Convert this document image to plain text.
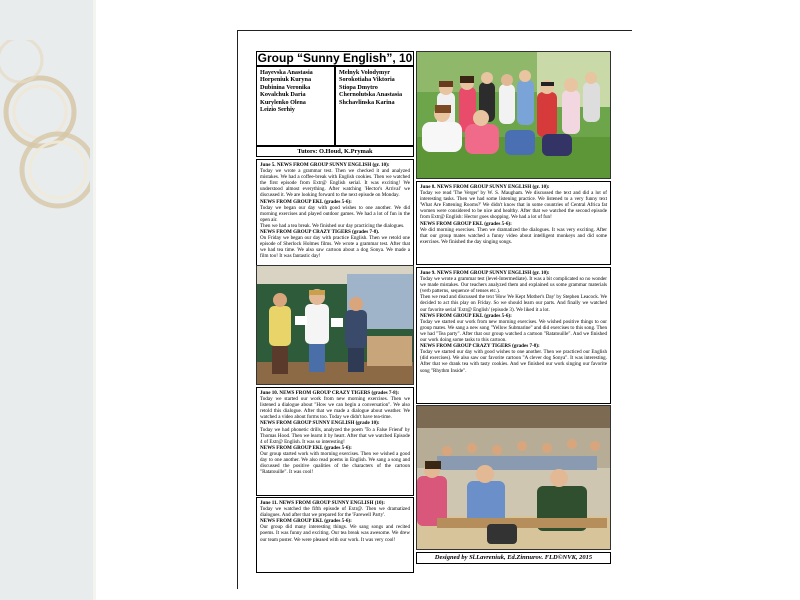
Group “Sunny English”, 10
Hayevska Anastasia
Horpeniuk Kuryna
Dubinina Veronika
Kovalchuk Daria
Kurylenko Olena
Leizio Serhiy
Melnyk Volodymyr
Sorokotiaha Viktoria
Stiopa Dmytro
Chernolutska Anastasia
Shchavlinska Karina
Tutors: O.Houd, K.Prymak

June 5. NEWS FROM GROUP SUNNY ENGLISH (gr. 10):

Today we wrote a grammar test. Then we checked it and analyzed mistakes. We had a coffee-break with English cookies. Then we watched the first episode from Extr@ English serial. It was exciting! We understood almost everything. After watching 'Hector's Arrival' we discussed it. We are looking forward to the next episode on Monday.

NEWS FROM GROUP EKL (grades 5-6):

Today we began our day with good wishes to one another. We did morning exercises and played outdoor games. We had a lot of fun in the open air.

Then we had a tea break. We finished our day practicing the dialogues.

NEWS FROM GROUP CRAZY TIGERS (grades 7-8).

On Friday we began our day with practice English. Then we retold one episode of Sherlock Holmes films. We wrote a grammar test. After that we had tea time. We also saw cartoon about a dog Sonya. We made a film too! It was fantastic day!

June 8. NEWS FROM GROUP SUNNY ENGLISH (gr. 10):

Today we read 'The Verger' by W. S. Maugham. We discussed the text and did a lot of interesting tasks. Then we had some listening practice. We listened to a very funny text 'What Are Fattening Rooms?' We didn't know that in some countries of Central Africa fat women were considered to be nice and healthy. After that we watched the second episode from Extr@ English: Hector goes shopping. We had a lot of fun!

NEWS FROM GROUP EKL (grades 5-6):

We did morning exercises. Then we dramatized the dialogues. It was very exciting. After that our group mates watched a funny video about intelligent monkeys and did some exercises. We finished the day singing songs.

June 9. NEWS FROM GROUP SUNNY ENGLISH (gr. 10):

Today we wrote a grammar test (level-Intermediate). It was a bit complicated so no wonder we made mistakes. Our teachers analyzed them and explained us some grammar materials (verb patterns, sequence of tenses etc.).

Then we read and discussed the text 'How We Kept Mother's Day' by Stephen Leacock. We decided to act this play on Friday. So we should learn our parts. And finally we watched our favorite serial 'Extr@ English' (episode 3). We liked it a lot.

NEWS FROM GROUP EKL (grades 5-6):

Today we started our work from new morning exercises. We wished positive things to our group mates. We sang a new song "Yellow Submarine" and did exercises to this song. Then we had "Tea party". After that our group watched a cartoon "Ratatouille". And we finished our work doing some tasks to this cartoon.

NEWS FROM GROUP CRAZY TIGERS (grades 7-8):

Today we started our day with good wishes to one another. Then we practiced our English (did exercises). We also saw our favorite cartoon "A clever dog Sonya". It was interesting. After that we drank tea with tasty cookies. And we finished our work singing our favorite song "Rhythm Inside".

June 10. NEWS FROM GROUP CRAZY TIGERS (grades 7-8):

Today we started our work from new morning exercises. Then we listened a dialogue about "How we can begin a conversation". We also retold this dialogue. After that we made a dialogue about weather. We watched a video about forms too. Today we didn't have tea-time.

NEWS FROM GROUP SUNNY ENGLISH (grade 10):

Today we had phonetic drills, analyzed the poem 'To a False Friend' by Thomas Hood. Then we learnt it by heart. After that we watched Episode 4 of Extr@ English. It was so interesting!

NEWS FROM GROUP EKL (grades 5-6):

Our group started work with morning exercises. Then we wished a good day to one another. We also read poems in English. We sang a song and discussed the positive qualities of the characters of the cartoon "Ratatouille". It was cool!

June 11. NEWS FROM GROUP SUNNY ENGLISH (10):

Today we watched the fifth episode of Extr@. Then we dramatized dialogues. And after that we prepared for the 'Farewell Party'.

NEWS FROM GROUP EKL (grades 5-6):

Our group did many interesting things. We sang songs and recited poems. It was funny and exciting. Our tea break was awesome. We drew our team poster. We were pleased with our work. It was very cool!

Designed by Sl.Lavreniuk, Ed.Zinnurov. FLD©NVK, 2015
